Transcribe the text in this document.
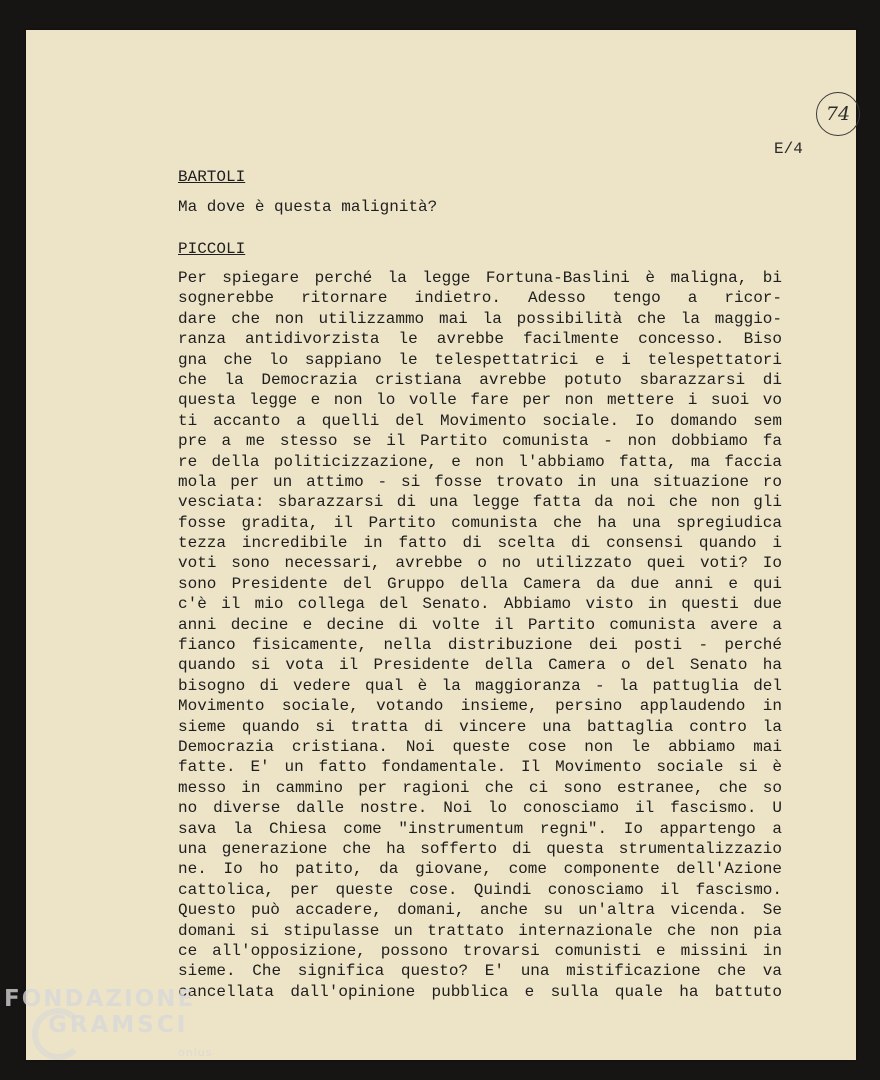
74
E/4
BARTOLI
Ma dove è questa malignità?
PICCOLI
Per spiegare perché la legge Fortuna-Baslini è maligna, bi
sognerebbe ritornare indietro. Adesso tengo a ricor-
dare che non utilizzammo mai la possibilità che la maggio-
ranza antidivorzista le avrebbe facilmente concesso. Biso
gna che lo sappiano le telespettatrici e i telespettatori
che la Democrazia cristiana avrebbe potuto sbarazzarsi di
questa legge e non lo volle fare per non mettere i suoi vo
ti accanto a quelli del Movimento sociale. Io domando sem
pre a me stesso se il Partito comunista - non dobbiamo fa
re della politicizzazione, e non l'abbiamo fatta, ma faccia
mola per un attimo - si fosse trovato in una situazione ro
vesciata: sbarazzarsi di una legge fatta da noi che non gli
fosse gradita, il Partito comunista che ha una spregiudica
tezza incredibile in fatto di scelta di consensi quando i
voti sono necessari, avrebbe o no utilizzato quei voti? Io
sono Presidente del Gruppo della Camera da due anni e qui
c'è il mio collega del Senato. Abbiamo visto in questi due
anni decine e decine di volte il Partito comunista avere a
fianco fisicamente, nella distribuzione dei posti - perché
quando si vota il Presidente della Camera o del Senato ha
bisogno di vedere qual è la maggioranza - la pattuglia del
Movimento sociale, votando insieme, persino applaudendo in
sieme quando si tratta di vincere una battaglia contro la
Democrazia cristiana. Noi queste cose non le abbiamo mai
fatte. E' un fatto fondamentale. Il Movimento sociale si è
messo in cammino per ragioni che ci sono estranee, che so
no diverse dalle nostre. Noi lo conosciamo il fascismo. U
sava la Chiesa come "instrumentum regni". Io appartengo a
una generazione che ha sofferto di questa strumentalizzazio
ne. Io ho patito, da giovane, come componente dell'Azione
cattolica, per queste cose. Quindi conosciamo il fascismo.
Questo può accadere, domani, anche su un'altra vicenda. Se
domani si stipulasse un trattato internazionale che non pia
ce all'opposizione, possono trovarsi comunisti e missini in
sieme. Che significa questo? E' una mistificazione che va
cancellata dall'opinione pubblica e sulla quale ha battuto
FONDAZIONE
GRAMSCI
onlus
